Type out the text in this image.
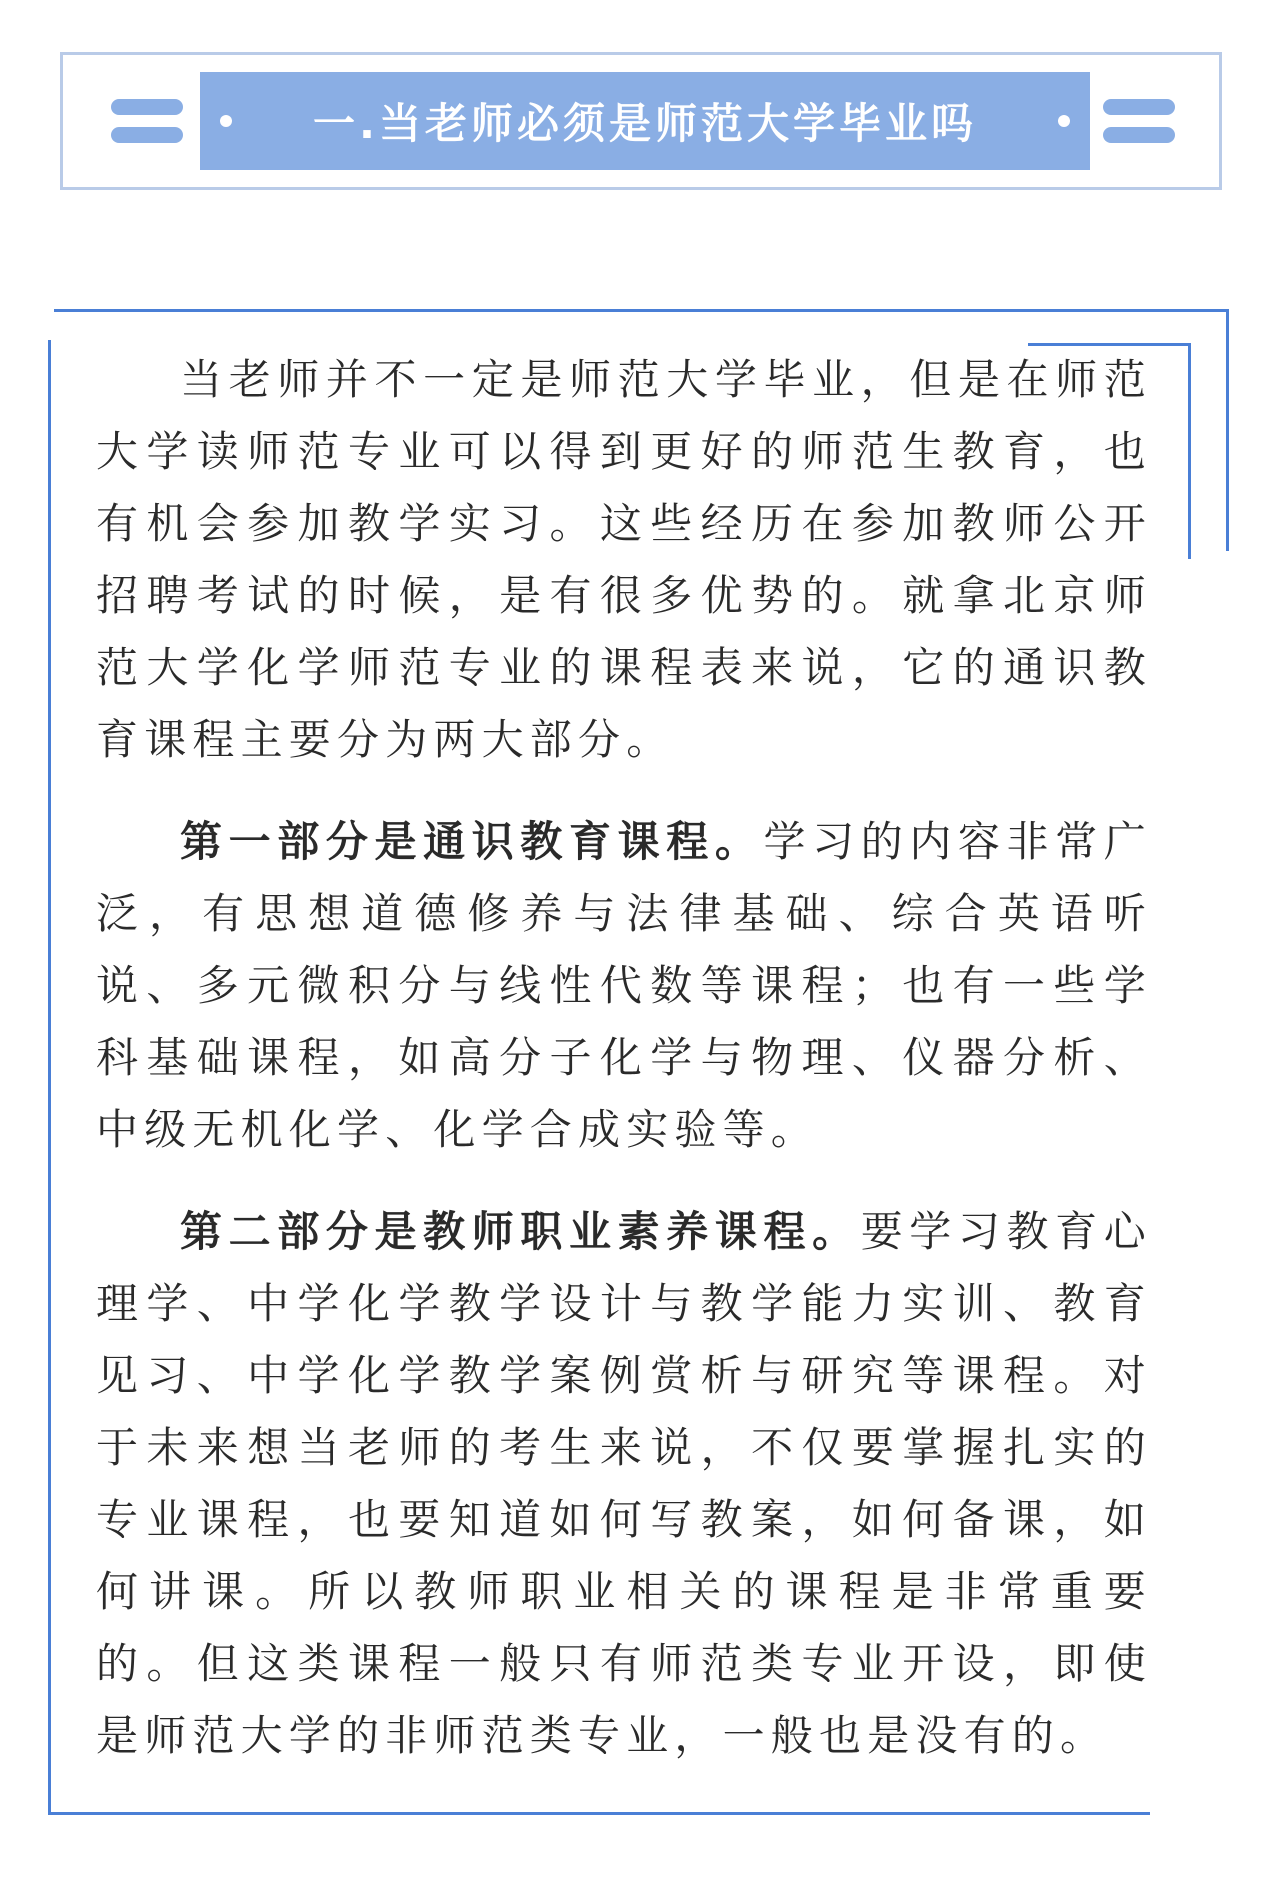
一.当老师必须是师范大学毕业吗

当老师并不一定是师范大学毕业，但是在师范大学读师范专业可以得到更好的师范生教育，也有机会参加教学实习。这些经历在参加教师公开招聘考试的时候，是有很多优势的。就拿北京师范大学化学师范专业的课程表来说，它的通识教育课程主要分为两大部分。

第一部分是通识教育课程。学习的内容非常广泛，有思想道德修养与法律基础、综合英语听说、多元微积分与线性代数等课程；也有一些学科基础课程，如高分子化学与物理、仪器分析、中级无机化学、化学合成实验等。

第二部分是教师职业素养课程。要学习教育心理学、中学化学教学设计与教学能力实训、教育见习、中学化学教学案例赏析与研究等课程。对于未来想当老师的考生来说，不仅要掌握扎实的专业课程，也要知道如何写教案，如何备课，如何讲课。所以教师职业相关的课程是非常重要的。但这类课程一般只有师范类专业开设，即使是师范大学的非师范类专业，一般也是没有的。
